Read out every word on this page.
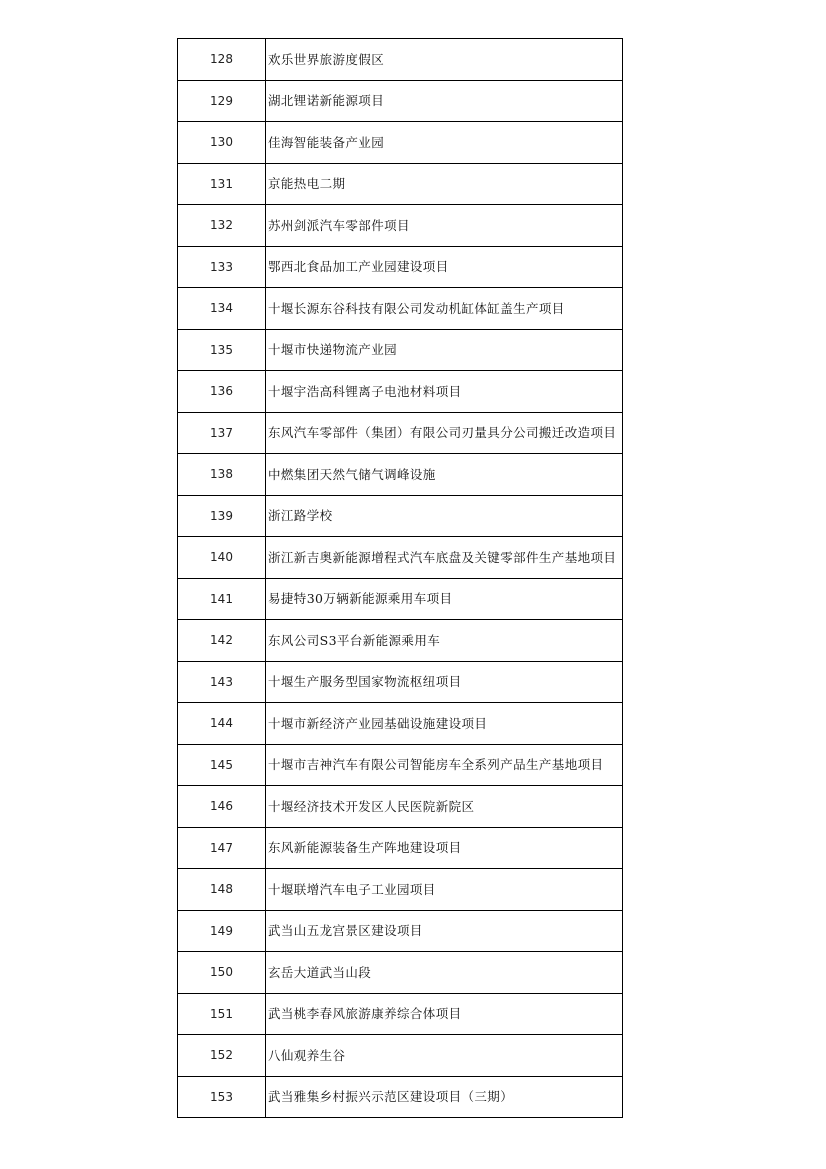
128	欢乐世界旅游度假区
129	湖北锂诺新能源项目
130	佳海智能装备产业园
131	京能热电二期
132	苏州剑派汽车零部件项目
133	鄂西北食品加工产业园建设项目
134	十堰长源东谷科技有限公司发动机缸体缸盖生产项目
135	十堰市快递物流产业园
136	十堰宇浩高科锂离子电池材料项目
137	东风汽车零部件（集团）有限公司刃量具分公司搬迁改造项目
138	中燃集团天然气储气调峰设施
139	浙江路学校
140	浙江新吉奥新能源增程式汽车底盘及关键零部件生产基地项目
141	易捷特30万辆新能源乘用车项目
142	东风公司S3平台新能源乘用车
143	十堰生产服务型国家物流枢纽项目
144	十堰市新经济产业园基础设施建设项目
145	十堰市吉神汽车有限公司智能房车全系列产品生产基地项目
146	十堰经济技术开发区人民医院新院区
147	东风新能源装备生产阵地建设项目
148	十堰联增汽车电子工业园项目
149	武当山五龙宫景区建设项目
150	玄岳大道武当山段
151	武当桃李春风旅游康养综合体项目
152	八仙观养生谷
153	武当雅集乡村振兴示范区建设项目（三期）
